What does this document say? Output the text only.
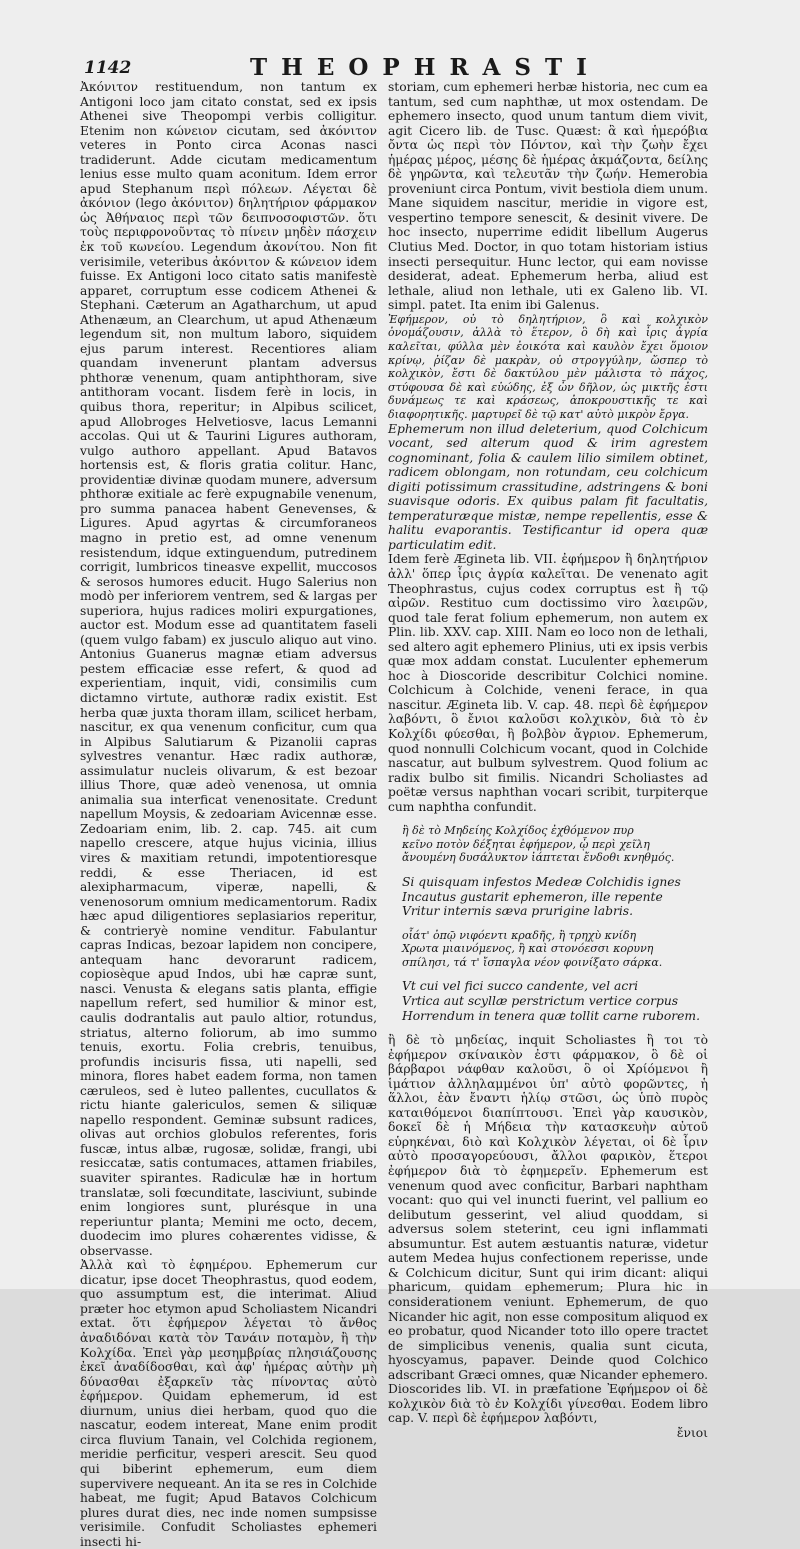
1142	THEOPHRASTI

Ἀκόνιτον restituendum, non tantum ex Antigoni loco jam citato constat, sed ex ipsis Athenei sive Theopompi verbis colligitur. Etenim non κώνειον cicutam, sed ἀκόνιτον veteres in Ponto circa Aconas nasci tradiderunt. Adde cicutam medicamentum lenius esse multo quam aconitum. Idem error apud Stephanum περὶ πόλεων. Λέγεται δὲ ἀκόνιον (lego ἀκόνιτον) δηλητήριον φάρμακον ὡς Ἀθήναιος περὶ τῶν δειπνοσοφιστῶν. ὅτι τοὺς περιφρονοῦντας τὸ πίνειν μηδὲν πάσχειν ἐκ τοῦ κωνείου. Legendum ἀκονίτου. Non fit verisimile, veteribus ἀκόνιτον & κώνειον idem fuisse. Ex Antigoni loco citato satis manifestè apparet, corruptum esse codicem Athenei & Stephani. Cæterum an Agatharchum, ut apud Athenæum, an Clearchum, ut apud Athenæum legendum sit, non multum laboro, siquidem ejus parum interest. Recentiores aliam quandam invenerunt plantam adversus phthoræ venenum, quam antiphthoram, sive antithoram vocant. Iisdem ferè in locis, in quibus thora, reperitur; in Alpibus scilicet, apud Allobroges Helvetiosve, lacus Lemanni accolas. Qui ut & Taurini Ligures authoram, vulgo authoro appellant. Apud Batavos hortensis est, & floris gratia colitur. Hanc, providentiæ divinæ quodam munere, adversum phthoræ exitiale ac ferè expugnabile venenum, pro summa panacea habent Genevenses, & Ligures. Apud agyrtas & circumforaneos magno in pretio est, ad omne venenum resistendum, idque extinguendum, putredinem corrigit, lumbricos tineasve expellit, muccosos & serosos humores educit. Hugo Salerius non modò per inferiorem ventrem, sed & largas per superiora, hujus radices moliri expurgationes, auctor est. Modum esse ad quantitatem faseli (quem vulgo fabam) ex jusculo aliquo aut vino. Antonius Guanerus magnæ etiam adversus pestem efficaciæ esse refert, & quod ad experientiam, inquit, vidi, consimilis cum dictamno virtute, authoræ radix existit. Est herba quæ juxta thoram illam, scilicet herbam, nascitur, ex qua venenum conficitur, cum qua in Alpibus Salutiarum & Pizanolii capras sylvestres venantur. Hæc radix authoræ, assimulatur nucleis olivarum, & est bezoar illius Thore, quæ adeò venenosa, ut omnia animalia sua interficat venenositate. Credunt napellum Moysis, & zedoariam Avicennæ esse. Zedoariam enim, lib. 2. cap. 745. ait cum napello crescere, atque hujus vicinia, illius vires & maxitiam retundi, impotentioresque reddi, & esse Theriacen, id est alexipharmacum, viperæ, napelli, & venenosorum omnium medicamentorum. Radix hæc apud diligentiores seplasiarios reperitur, & contrieryè nomine venditur. Fabulantur capras Indicas, bezoar lapidem non concipere, antequam hanc devorarunt radicem, copiosèque apud Indos, ubi hæ capræ sunt, nasci. Venusta & elegans satis planta, effigie napellum refert, sed humilior & minor est, caulis dodrantalis aut paulo altior, rotundus, striatus, alterno foliorum, ab imo summo tenuis, exortu. Folia crebris, tenuibus, profundis incisuris fissa, uti napelli, sed minora, flores habet eadem forma, non tamen cæruleos, sed è luteo pallentes, cucullatos & rictu hiante galericulos, semen & siliquæ napello respondent. Geminæ subsunt radices, olivas aut orchios globulos referentes, foris fuscæ, intus albæ, rugosæ, solidæ, frangi, ubi resiccatæ, satis contumaces, attamen friabiles, suaviter spirantes. Radiculæ hæ in hortum translatæ, soli fœcunditate, lasciviunt, subinde enim longiores sunt, plurésque in una reperiuntur planta; Memini me octo, decem, duodecim imo plures cohærentes vidisse, & observasse.

Ἀλλὰ καὶ τὸ ἐφημέρου. Ephemerum cur dicatur, ipse docet Theophrastus, quod eodem, quo assumptum est, die interimat. Aliud præter hoc etymon apud Scholiastem Nicandri extat. ὅτι ἐφήμερον λέγεται τὸ ἄνθος ἀναδιδόναι κατὰ τὸν Τανάιν ποταμὸν, ἢ τὴν Κολχίδα. Ἐπεὶ γὰρ μεσημβρίας πλησιάζουσης ἐκεῖ ἀναδίδοσθαι, καὶ ἀφ' ἡμέρας αὐτὴν μὴ δύνασθαι ἐξαρκεῖν τὰς πίνοντας αὐτὸ ἐφήμερον. Quidam ephemerum, id est diurnum, unius diei herbam, quod quo die nascatur, eodem intereat, Mane enim prodit circa fluvium Tanain, vel Colchida regionem, meridie perficitur, vesperi arescit. Seu quod qui biberint ephemerum, eum diem supervivere nequeant. An ita se res in Colchide habeat, me fugit; Apud Batavos Colchicum plures durat dies, nec inde nomen sumpsisse verisimile. Confudit Scholiastes ephemeri insecti hi-

storiam, cum ephemeri herbæ historia, nec cum ea tantum, sed cum naphthæ, ut mox ostendam. De ephemero insecto, quod unum tantum diem vivit, agit Cicero lib. de Tusc. Quæst: ἃ καὶ ἡμερόβια ὄντα ὡς περὶ τὸν Πόντον, καὶ τὴν ζωὴν ἔχει ἡμέρας μέρος, μέσης δὲ ἡμέρας ἀκμάζοντα, δείλης δὲ γηρῶντα, καὶ τελευτᾶν τὴν ζωήν. Hemerobia proveniunt circa Pontum, vivit bestiola diem unum. Mane siquidem nascitur, meridie in vigore est, vespertino tempore senescit, & desinit vivere. De hoc insecto, nuperrime edidit libellum Augerus Clutius Med. Doctor, in quo totam historiam istius insecti persequitur. Hunc lector, qui eam novisse desiderat, adeat. Ephemerum herba, aliud est lethale, aliud non lethale, uti ex Galeno lib. VI. simpl. patet. Ita enim ibi Galenus.

Ἐφήμερον, οὐ τὸ δηλητήριον, ὃ καὶ κολχικὸν ὀνομάζουσιν, ἀλλὰ τὸ ἕτερον, ὃ δὴ καὶ ἶρις ἀγρία καλεῖται, φύλλα μὲν ἐοικότα καὶ καυλὸν ἔχει ὅμοιον κρίνῳ, ῥίζαν δὲ μακρὰν, οὐ στρογγύλην, ὥσπερ τὸ κολχικὸν, ἔστι δὲ δακτύλου μὲν μάλιστα τὸ πάχος, στύφουσα δὲ καὶ εὐώδης, ἐξ ὧν δῆλον, ὡς μικτῆς ἐστι δυνάμεως τε καὶ κράσεως, ἀποκρουστικῆς τε καὶ διαφορητικῆς. μαρτυρεῖ δὲ τῷ κατ' αὐτὸ μικρὸν ἔργα.

Ephemerum non illud deleterium, quod Colchicum vocant, sed alterum quod & irim agrestem cognominant, folia & caulem lilio similem obtinet, radicem oblongam, non rotundam, ceu colchicum digiti potissimum crassitudine, adstringens & boni suavisque odoris. Ex quibus palam fit facultatis, temperaturæque mistæ, nempe repellentis, esse & halitu evaporantis. Testificantur id opera quæ particulatim edit.

Idem ferè Ægineta lib. VII. ἐφήμερον ἢ δηλητήριον ἀλλ' ὅπερ ἶρις ἀγρία καλεῖται. De venenato agit Theophrastus, cujus codex corruptus est ἢ τῷ αἰρῶν. Restituo cum doctissimo viro λαειρῶν, quod tale ferat folium ephemerum, non autem ex Plin. lib. XXV. cap. XIII. Nam eo loco non de lethali, sed altero agit ephemero Plinius, uti ex ipsis verbis quæ mox addam constat. Luculenter ephemerum hoc à Dioscoride describitur Colchici nomine. Colchicum à Colchide, veneni ferace, in qua nascitur. Ægineta lib. V. cap. 48. περὶ δὲ ἐφήμερον λαβόντι, ὃ ἔνιοι καλοῦσι κολχικὸν, διὰ τὸ ἐν Κολχίδι φύεσθαι, ἢ βολβὸν ἄγριον. Ephemerum, quod nonnulli Colchicum vocant, quod in Colchide nascatur, aut bulbum sylvestrem. Quod folium ac radix bulbo sit fimilis. Nicandri Scholiastes ad poëtæ versus naphthan vocari scribit, turpiterque cum naphtha confundit.

ἢ δὲ τὸ Μηδείης Κολχίδος ἐχθόμενον πυρ
κεῖνο ποτὸν δέξηται ἐφήμερον, ᾧ περὶ χεῖλη
ἄνουμένη δυσάλυκτον ἰάπτεται ἔνδοθι κνηθμός.

Si quisquam infestos Medeæ Colchidis ignes
Incautus gustarit ephemeron, ille repente
Vritur internis sæva prurigine labris.

οἷάτ' ὀπῷ νιφόεντι κραδῆς, ἢ τρηχὺ κνίδη
Χρωτα μιαινόμενος, ἢ καὶ στονόεσσι κορυνη
σπίλησι, τά τ' ἴσπαγλα νέον φοινίξατο σάρκα.

Vt cui vel fici succo candente, vel acri
Vrtica aut scyllæ perstrictum vertice corpus
Horrendum in tenera quæ tollit carne ruborem.

ἢ δὲ τὸ μηδείας, inquit Scholiastes ἢ τοι τὸ ἐφήμερον σκίναικὸν ἐστι φάρμακον, ὃ δὲ οἱ βάρβαροι νάφθαν καλοῦσι, ὃ οἱ Χρίόμενοι ἢ ἱμάτιον ἀλληλαμμένοι ὑπ' αὐτὸ φορῶντες, ἡ ἅλλοι, ἐὰν ἔναντι ἡλίῳ στῶσι, ὡς ὑπὸ πυρὸς καταιθόμενοι διαπίπτουσι. Ἐπεὶ γὰρ καυσικὸν, δοκεῖ δὲ ἡ Μήδεια τὴν κατασκευὴν αὐτοῦ εὑρηκέναι, διὸ καὶ Κολχικὸν λέγεται, οἱ δὲ ἶριν αὐτὸ προσαγορεύουσι, ἄλλοι φαρικὸν, ἕτεροι ἐφήμερον διὰ τὸ ἐφημερεῖν. Ephemerum est venenum quod avec conficitur, Barbari naphtham vocant: quo qui vel inuncti fuerint, vel pallium eo delibutum gesserint, vel aliud quoddam, si adversus solem steterint, ceu igni inflammati absumuntur. Est autem æstuantis naturæ, videtur autem Medea hujus confectionem reperisse, unde & Colchicum dicitur, Sunt qui irim dicant: aliqui pharicum, quidam ephemerum; Plura hic in considerationem veniunt. Ephemerum, de quo Nicander hic agit, non esse compositum aliquod ex eo probatur, quod Nicander toto illo opere tractet de simplicibus venenis, qualia sunt cicuta, hyoscyamus, papaver. Deinde quod Colchico adscribant Græci omnes, quæ Nicander ephemero. Dioscorides lib. VI. in præfatione Ἐφήμερον οἱ δὲ κολχικὸν διὰ τὸ ἐν Κολχίδι γίνεσθαι. Eodem libro cap. V. περὶ δὲ ἐφήμερον λαβόντι,

ἔνιοι
